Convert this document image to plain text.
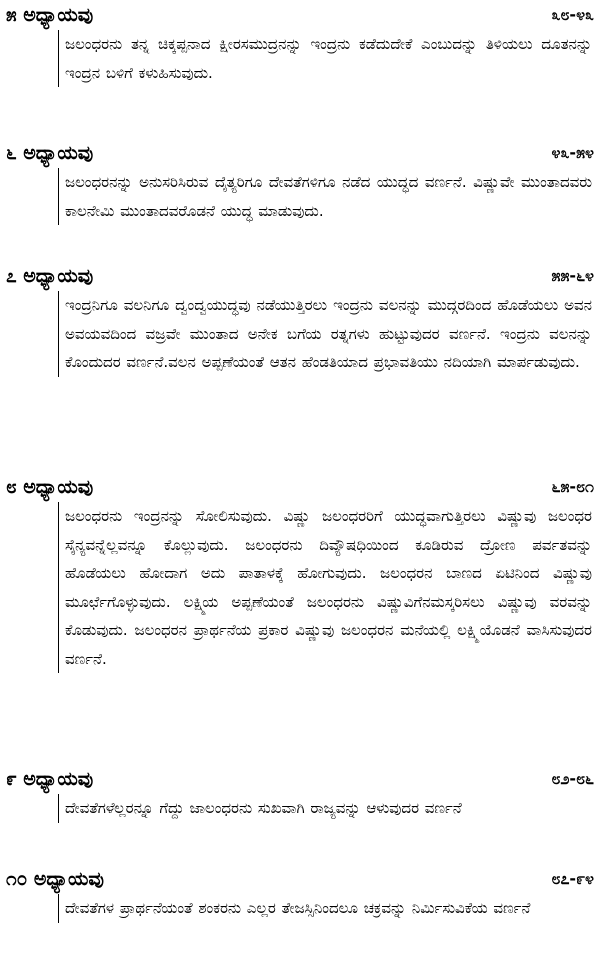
೫ ಅಧ್ಯಾಯವು	೩೮-೪೩
ಜಲಂಧರನು ತನ್ನ ಚಿಕ್ಕಪ್ಪನಾದ ಕ್ಷೀರಸಮುದ್ರನನ್ನು ಇಂದ್ರನು ಕಡೆದುದೇಕೆ ಎಂಬುದನ್ನು ತಿಳಿಯಲು ದೂತನನ್ನು ಇಂದ್ರನ ಬಳಿಗೆ ಕಳುಹಿಸುವುದು.
೬ ಅಧ್ಯಾಯವು	೪೩-೫೪
ಜಲಂಧರನನ್ನು ಅನುಸರಿಸಿರುವ ದೈತ್ಯರಿಗೂ ದೇವತೆಗಳಿಗೂ ನಡೆದ ಯುದ್ಧದ ವರ್ಣನೆ. ವಿಷ್ಣುವೇ ಮುಂತಾದವರು ಕಾಲನೇಮಿ ಮುಂತಾದವರೊಡನೆ ಯುದ್ಧ ಮಾಡುವುದು.
೭ ಅಧ್ಯಾಯವು	೫೫-೬೪
ಇಂದ್ರನಿಗೂ ವಲನಿಗೂ ದ್ವಂದ್ವಯುದ್ಧವು ನಡೆಯುತ್ತಿರಲು ಇಂದ್ರನು ವಲನನ್ನು ಮುದ್ಗರದಿಂದ ಹೊಡೆಯಲು ಅವನ ಅವಯವದಿಂದ ವಜ್ರವೇ ಮುಂತಾದ ಅನೇಕ ಬಗೆಯ ರತ್ನಗಳು ಹುಟ್ಟುವುದರ ವರ್ಣನೆ. ಇಂದ್ರನು ವಲನನ್ನು ಕೊಂದುದರ ವರ್ಣನೆ.ವಲನ ಅಪ್ಪಣೆಯಂತೆ ಆತನ ಹೆಂಡತಿಯಾದ ಪ್ರಭಾವತಿಯು ನದಿಯಾಗಿ ಮಾರ್ಪಡುವುದು.
೮ ಅಧ್ಯಾಯವು	೬೫-೮೧
ಜಲಂಧರನು ಇಂದ್ರನನ್ನು ಸೋಲಿಸುವುದು. ವಿಷ್ಣು ಜಲಂಧರರಿಗೆ ಯುದ್ಧವಾಗುತ್ತಿರಲು ವಿಷ್ಣುವು ಜಲಂಧರ ಸೈನ್ಯವನ್ನೆಲ್ಲವನ್ನೂ ಕೊಲ್ಲುವುದು. ಜಲಂಧರನು ದಿವ್ಯೌಷಧಿಯಿಂದ ಕೂಡಿರುವ ದ್ರೋಣ ಪರ್ವತವನ್ನು ಹೊಡೆಯಲು ಹೋದಾಗ ಅದು ಪಾತಾಳಕ್ಕೆ ಹೋಗುವುದು. ಜಲಂಧರನ ಬಾಣದ ಏಟಿನಿಂದ ವಿಷ್ಣುವು ಮೂರ್ಛೆಗೊಳ್ಳುವುದು. ಲಕ್ಷ್ಮಿಯ ಅಪ್ಪಣೆಯಂತೆ ಜಲಂಧರನು ವಿಷ್ಣುವಿಗೆನಮಸ್ಕರಿಸಲು ವಿಷ್ಣುವು ವರವನ್ನು ಕೊಡುವುದು. ಜಲಂಧರನ ಪ್ರಾರ್ಥನೆಯ ಪ್ರಕಾರ ವಿಷ್ಣುವು ಜಲಂಧರನ ಮನೆಯಲ್ಲಿ ಲಕ್ಷ್ಮಿಯೊಡನೆ ವಾಸಿಸುವುದರ ವರ್ಣನೆ.
೯ ಅಧ್ಯಾಯವು	೮೨-೮೬
ದೇವತೆಗಳೆಲ್ಲರನ್ನೂ ಗೆದ್ದು ಜಾಲಂಧರನು ಸುಖವಾಗಿ ರಾಜ್ಯವನ್ನು ಆಳುವುದರ ವರ್ಣನೆ
೧೦ ಅಧ್ಯಾಯವು	೮೭-೯೪
ದೇವತೆಗಳ ಪ್ರಾರ್ಥನೆಯಂತೆ ಶಂಕರನು ಎಲ್ಲರ ತೇಜಸ್ಸಿನಿಂದಲೂ ಚಕ್ರವನ್ನು ನಿರ್ಮಿಸುವಿಕೆಯ ವರ್ಣನೆ
